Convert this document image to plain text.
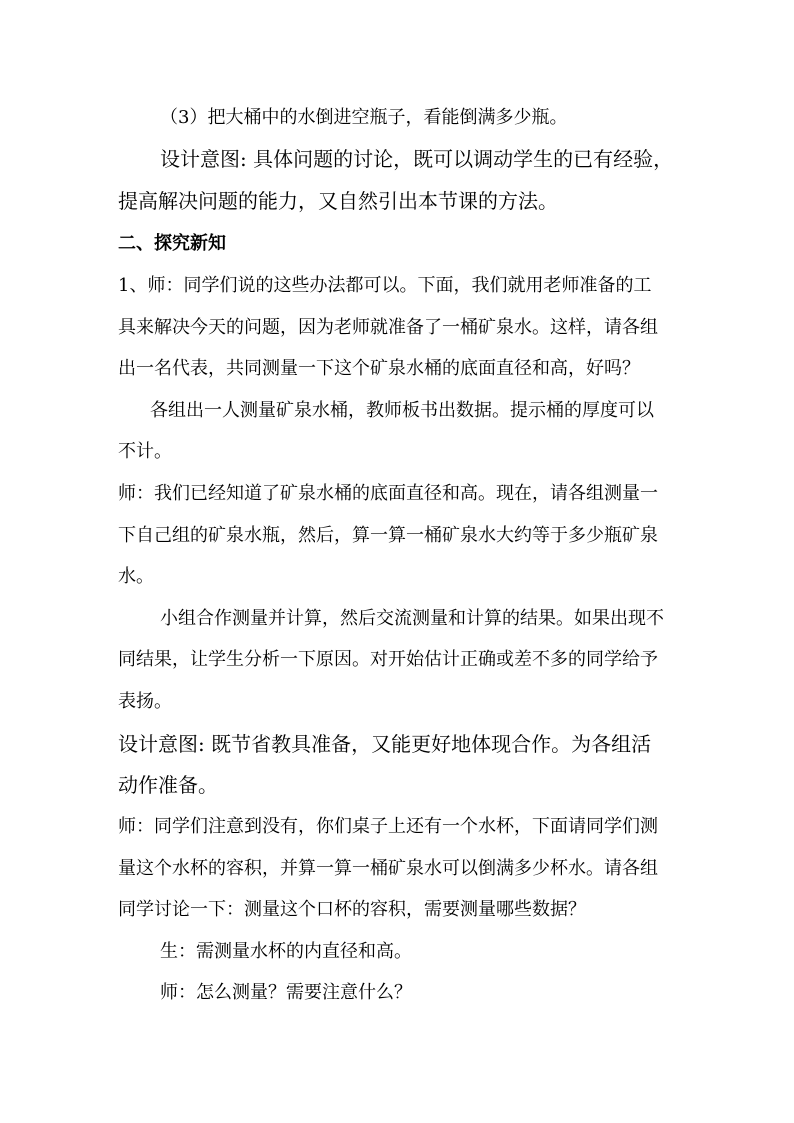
（3）把大桶中的水倒进空瓶子，看能倒满多少瓶。
设计意图: 具体问题的讨论，既可以调动学生的已有经验，
提高解决问题的能力，又自然引出本节课的方法。
二、探究新知
1、师：同学们说的这些办法都可以。下面，我们就用老师准备的工
具来解决今天的问题，因为老师就准备了一桶矿泉水。这样，请各组
出一名代表，共同测量一下这个矿泉水桶的底面直径和高，好吗？
各组出一人测量矿泉水桶，教师板书出数据。提示桶的厚度可以
不计。
师：我们已经知道了矿泉水桶的底面直径和高。现在，请各组测量一
下自己组的矿泉水瓶，然后，算一算一桶矿泉水大约等于多少瓶矿泉
水。
小组合作测量并计算，然后交流测量和计算的结果。如果出现不
同结果，让学生分析一下原因。对开始估计正确或差不多的同学给予
表扬。
设计意图: 既节省教具准备，又能更好地体现合作。为各组活
动作准备。
师：同学们注意到没有，你们桌子上还有一个水杯，下面请同学们测
量这个水杯的容积，并算一算一桶矿泉水可以倒满多少杯水。请各组
同学讨论一下：测量这个口杯的容积，需要测量哪些数据？
生：需测量水杯的内直径和高。
师：怎么测量？需要注意什么？
